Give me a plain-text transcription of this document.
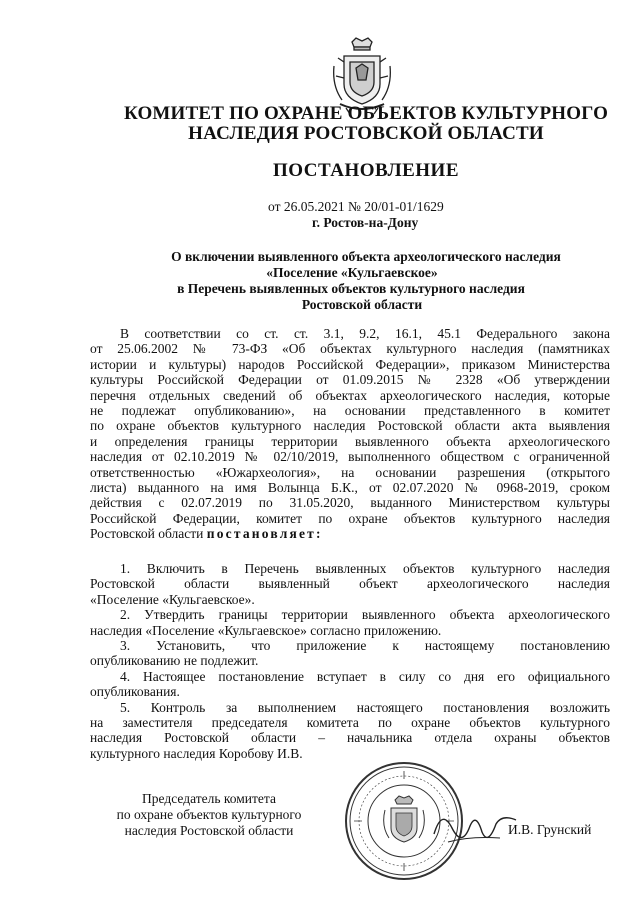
КОМИТЕТ ПО ОХРАНЕ ОБЪЕКТОВ КУЛЬТУРНОГО
НАСЛЕДИЯ РОСТОВСКОЙ ОБЛАСТИ
ПОСТАНОВЛЕНИЕ
от 26.05.2021 № 20/01-01/1629
г. Ростов-на-Дону
О включении выявленного объекта археологического наследия
«Поселение «Кульгаевское»
в Перечень выявленных объектов культурного наследия
Ростовской области
В соответствии со ст. ст. 3.1, 9.2, 16.1, 45.1 Федерального закона
от 25.06.2002 № 73-ФЗ «Об объектах культурного наследия (памятниках
истории и культуры) народов Российской Федерации», приказом Министерства
культуры Российской Федерации от 01.09.2015 № 2328 «Об утверждении
перечня отдельных сведений об объектах археологического наследия, которые
не подлежат опубликованию», на основании представленного в комитет
по охране объектов культурного наследия Ростовской области акта выявления
и определения границы территории выявленного объекта археологического
наследия от 02.10.2019 № 02/10/2019, выполненного обществом с ограниченной
ответственностью «Южархеология», на основании разрешения (открытого
листа) выданного на имя Волынца Б.К., от 02.07.2020 № 0968-2019, сроком
действия с 02.07.2019 по 31.05.2020, выданного Министерством культуры
Российской Федерации, комитет по охране объектов культурного наследия
Ростовской области постановляет:
1. Включить в Перечень выявленных объектов культурного наследия
Ростовской области выявленный объект археологического наследия
«Поселение «Кульгаевское».
2. Утвердить границы территории выявленного объекта археологического
наследия «Поселение «Кульгаевское» согласно приложению.
3. Установить, что приложение к настоящему постановлению
опубликованию не подлежит.
4. Настоящее постановление вступает в силу со дня его официального
опубликования.
5. Контроль за выполнением настоящего постановления возложить
на заместителя председателя комитета по охране объектов культурного
наследия Ростовской области – начальника отдела охраны объектов
культурного наследия Коробову И.В.
Председатель комитета
по охране объектов культурного
наследия Ростовской области	И.В. Грунский
